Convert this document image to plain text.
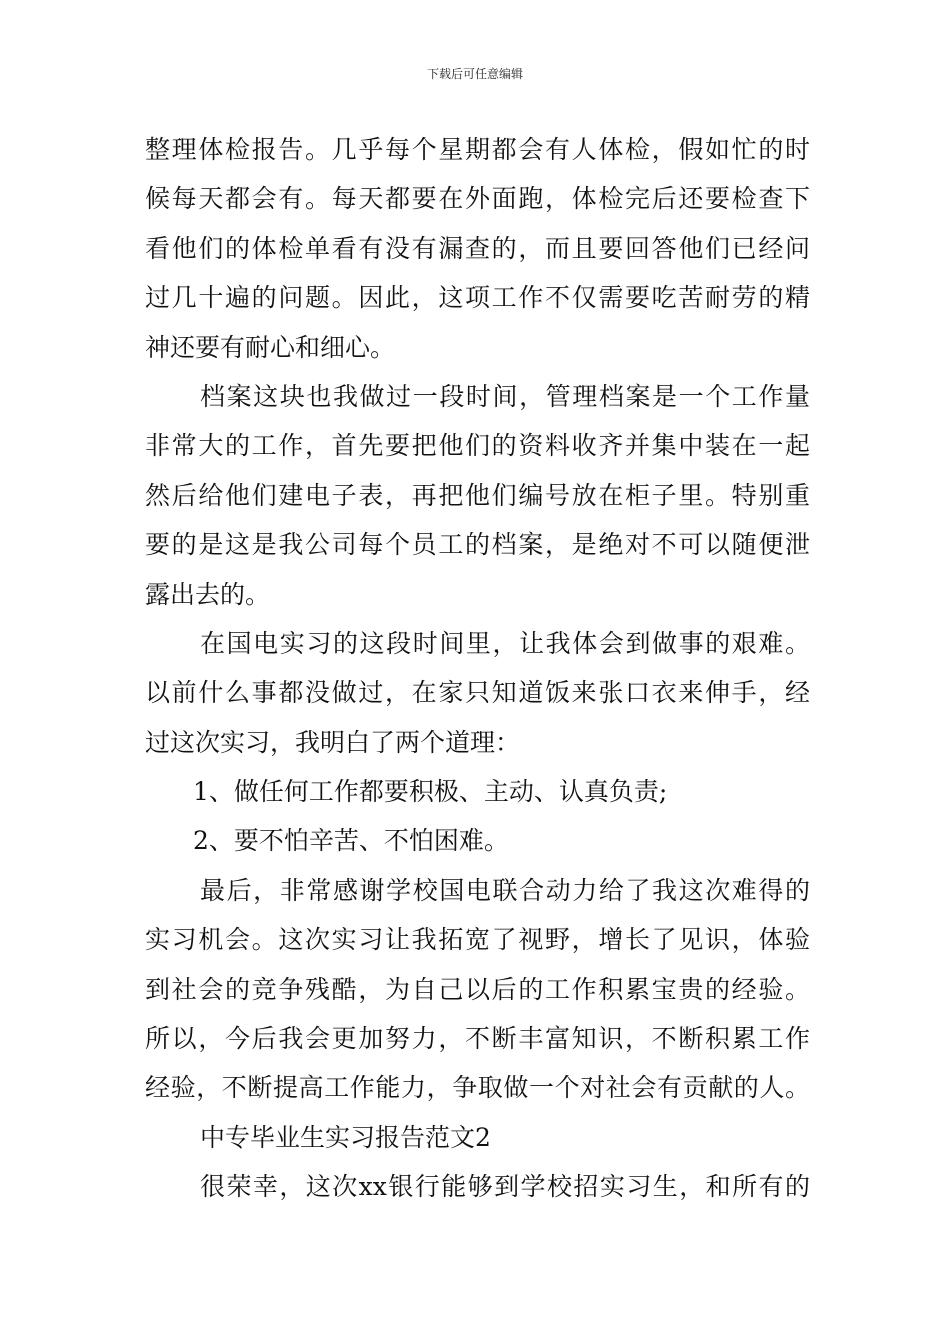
下载后可任意编辑
整理体检报告。几乎每个星期都会有人体检，假如忙的时
候每天都会有。每天都要在外面跑，体检完后还要检查下
看他们的体检单看有没有漏查的，而且要回答他们已经问
过几十遍的问题。因此，这项工作不仅需要吃苦耐劳的精
神还要有耐心和细心。
档案这块也我做过一段时间，管理档案是一个工作量
非常大的工作，首先要把他们的资料收齐并集中装在一起
然后给他们建电子表，再把他们编号放在柜子里。特别重
要的是这是我公司每个员工的档案，是绝对不可以随便泄
露出去的。
在国电实习的这段时间里，让我体会到做事的艰难。
以前什么事都没做过，在家只知道饭来张口衣来伸手，经
过这次实习，我明白了两个道理：
1、做任何工作都要积极、主动、认真负责;
2、要不怕辛苦、不怕困难。
最后，非常感谢学校国电联合动力给了我这次难得的
实习机会。这次实习让我拓宽了视野，增长了见识，体验
到社会的竞争残酷，为自己以后的工作积累宝贵的经验。
所以，今后我会更加努力，不断丰富知识，不断积累工作
经验，不断提高工作能力，争取做一个对社会有贡献的人。
中专毕业生实习报告范文2
很荣幸，这次xx银行能够到学校招实习生，和所有的
